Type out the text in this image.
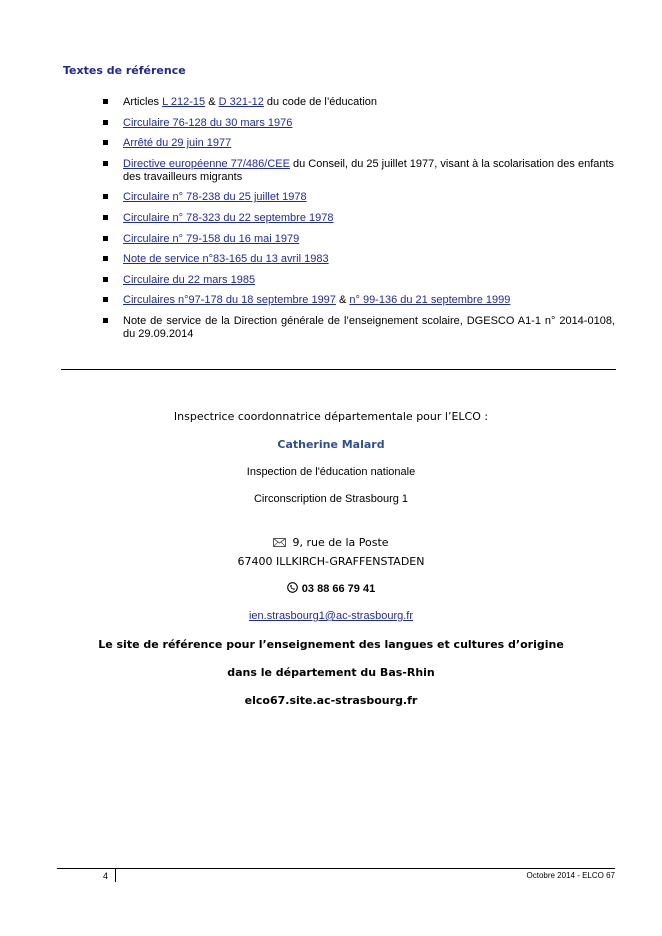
Textes de référence
Articles L 212-15 & D 321-12 du code de l’éducation
Circulaire 76-128 du 30 mars 1976
Arrêté du 29 juin 1977
Directive européenne 77/486/CEE du Conseil, du 25 juillet 1977, visant à la scolarisation des enfants des travailleurs migrants
Circulaire n° 78-238 du 25 juillet 1978
Circulaire n° 78-323 du 22 septembre 1978
Circulaire n° 79-158 du 16 mai 1979
Note de service n°83-165 du 13 avril 1983
Circulaire du 22 mars 1985
Circulaires n°97-178 du 18 septembre 1997 & n° 99-136 du 21 septembre 1999
Note de service de la Direction générale de l’enseignement scolaire, DGESCO A1-1 n° 2014-0108, du 29.09.2014
Inspectrice coordonnatrice départementale pour l’ELCO :
Catherine Malard
Inspection de l'éducation nationale
Circonscription de Strasbourg 1
9, rue de la Poste
67400 ILLKIRCH-GRAFFENSTADEN
03 88 66 79 41
ien.strasbourg1@ac-strasbourg.fr
Le site de référence pour l’enseignement des langues et cultures d’origine
dans le département du Bas-Rhin
elco67.site.ac-strasbourg.fr
4	Octobre 2014 - ELCO 67
